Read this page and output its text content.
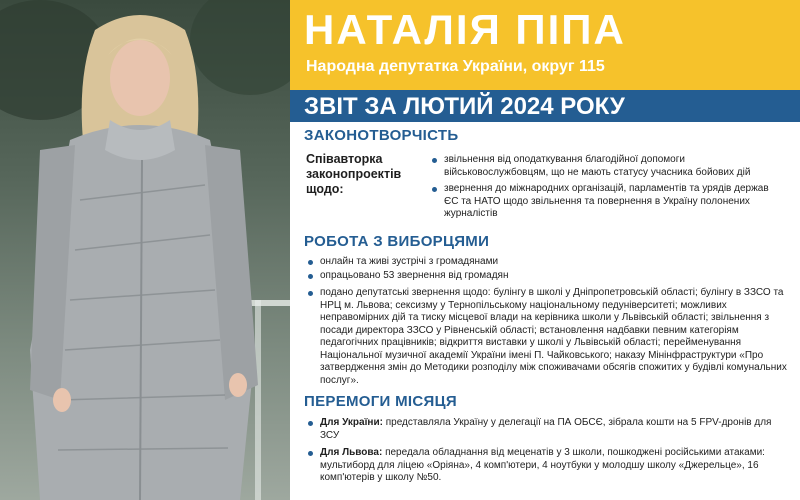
НАТАЛІЯ ПІПА
Народна депутатка України, округ 115
ЗВІТ ЗА ЛЮТИЙ 2024 РОКУ
ЗАКОНОТВОРЧІСТЬ
Співавторка законопроектів щодо:
звільнення від оподаткування благодійної допомоги військовослужбовцям, що не мають статусу учасника бойових дій
звернення до міжнародних організацій, парламентів та урядів держав ЄС та НАТО щодо звільнення та повернення в Україну полонених журналістів
РОБОТА З ВИБОРЦЯМИ
онлайн та живі зустрічі з громадянами
опрацьовано 53 звернення від громадян
подано депутатські звернення щодо: булінгу в школі у Дніпропетровській області; булінгу в ЗЗСО та НРЦ м. Львова; сексизму у Тернопільському національному педуніверситеті; можливих неправомірних дій та тиску місцевої влади на керівника школи у Львівській області; звільнення з посади директора ЗЗСО у Рівненській області; встановлення надбавки певним категоріям педагогічних працівників; відкриття виставки у школі у Львівській області; перейменування Національної музичної академії України імені П. Чайковського; наказу Мінінфраструктури «Про затвердження змін до Методики розподілу між споживачами обсягів спожитих у будівлі комунальних послуг».
ПЕРЕМОГИ МІСЯЦЯ
Для України: представляла Україну у делегації на ПА ОБСЄ, зібрала кошти на 5 FPV-дронів для ЗСУ
Для Львова: передала обладнання від меценатів у 3 школи, пошкоджені російськими атаками: мультиборд для ліцею «Оріяна», 4 комп'ютери, 4 ноутбуки у молодшу школу «Джерельце», 16 комп'ютерів у школу №50.
